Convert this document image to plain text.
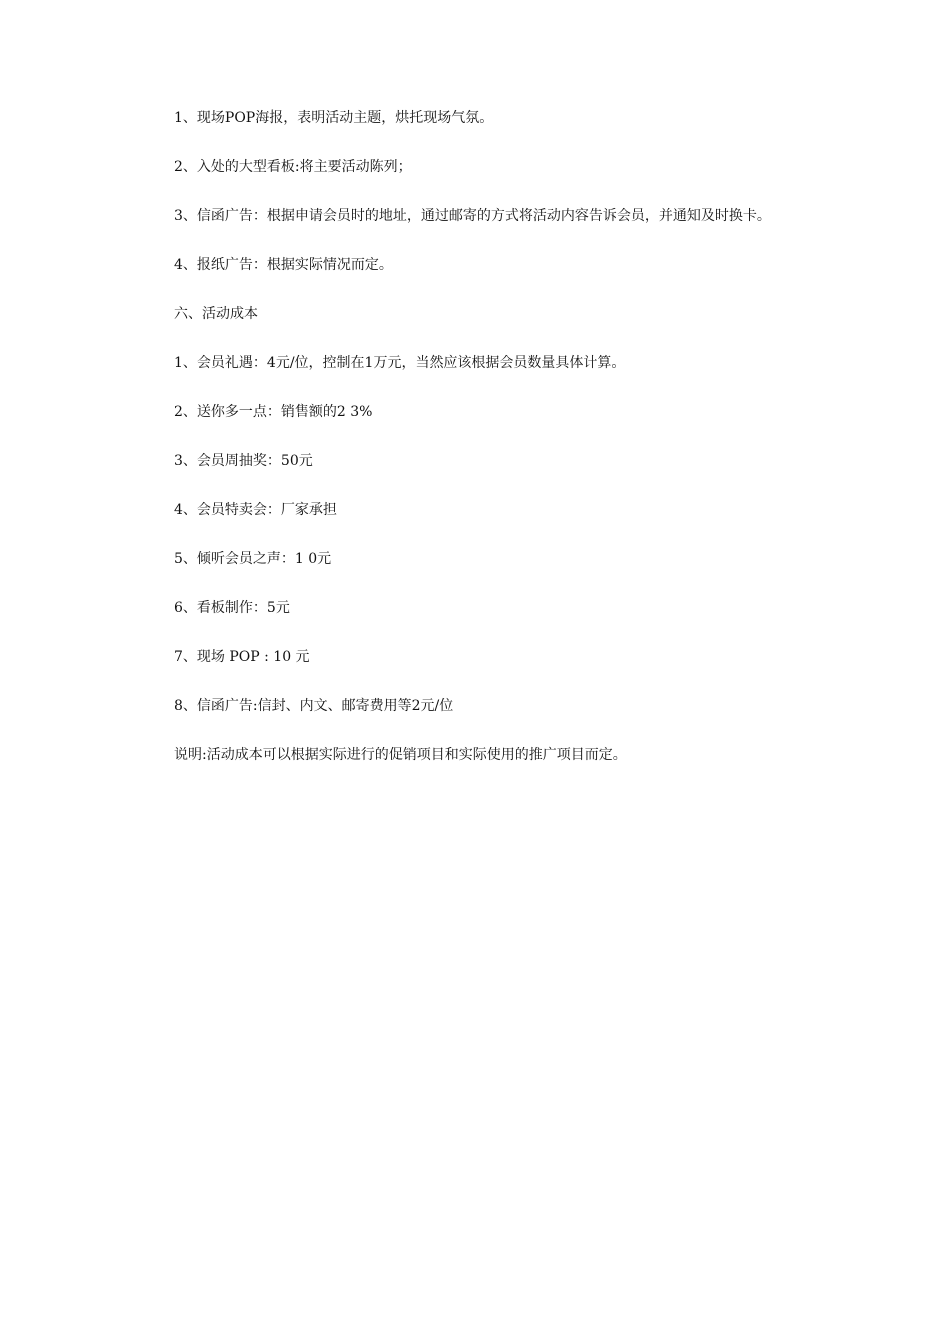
1、现场POP海报，表明活动主题，烘托现场气氛。

2、入处的大型看板:将主要活动陈列；

3、信函广告：根据申请会员时的地址，通过邮寄的方式将活动内容告诉会员，并通知及时换卡。

4、报纸广告：根据实际情况而定。

六、活动成本

1、会员礼遇：4元/位，控制在1万元，当然应该根据会员数量具体计算。

2、送你多一点：销售额的2 3%

3、会员周抽奖：50元

4、会员特卖会：厂家承担

5、倾听会员之声：1 0元

6、看板制作：5元

7、现场 POP : 10 元

8、信函广告:信封、内文、邮寄费用等2元/位

说明:活动成本可以根据实际进行的促销项目和实际使用的推广项目而定。
